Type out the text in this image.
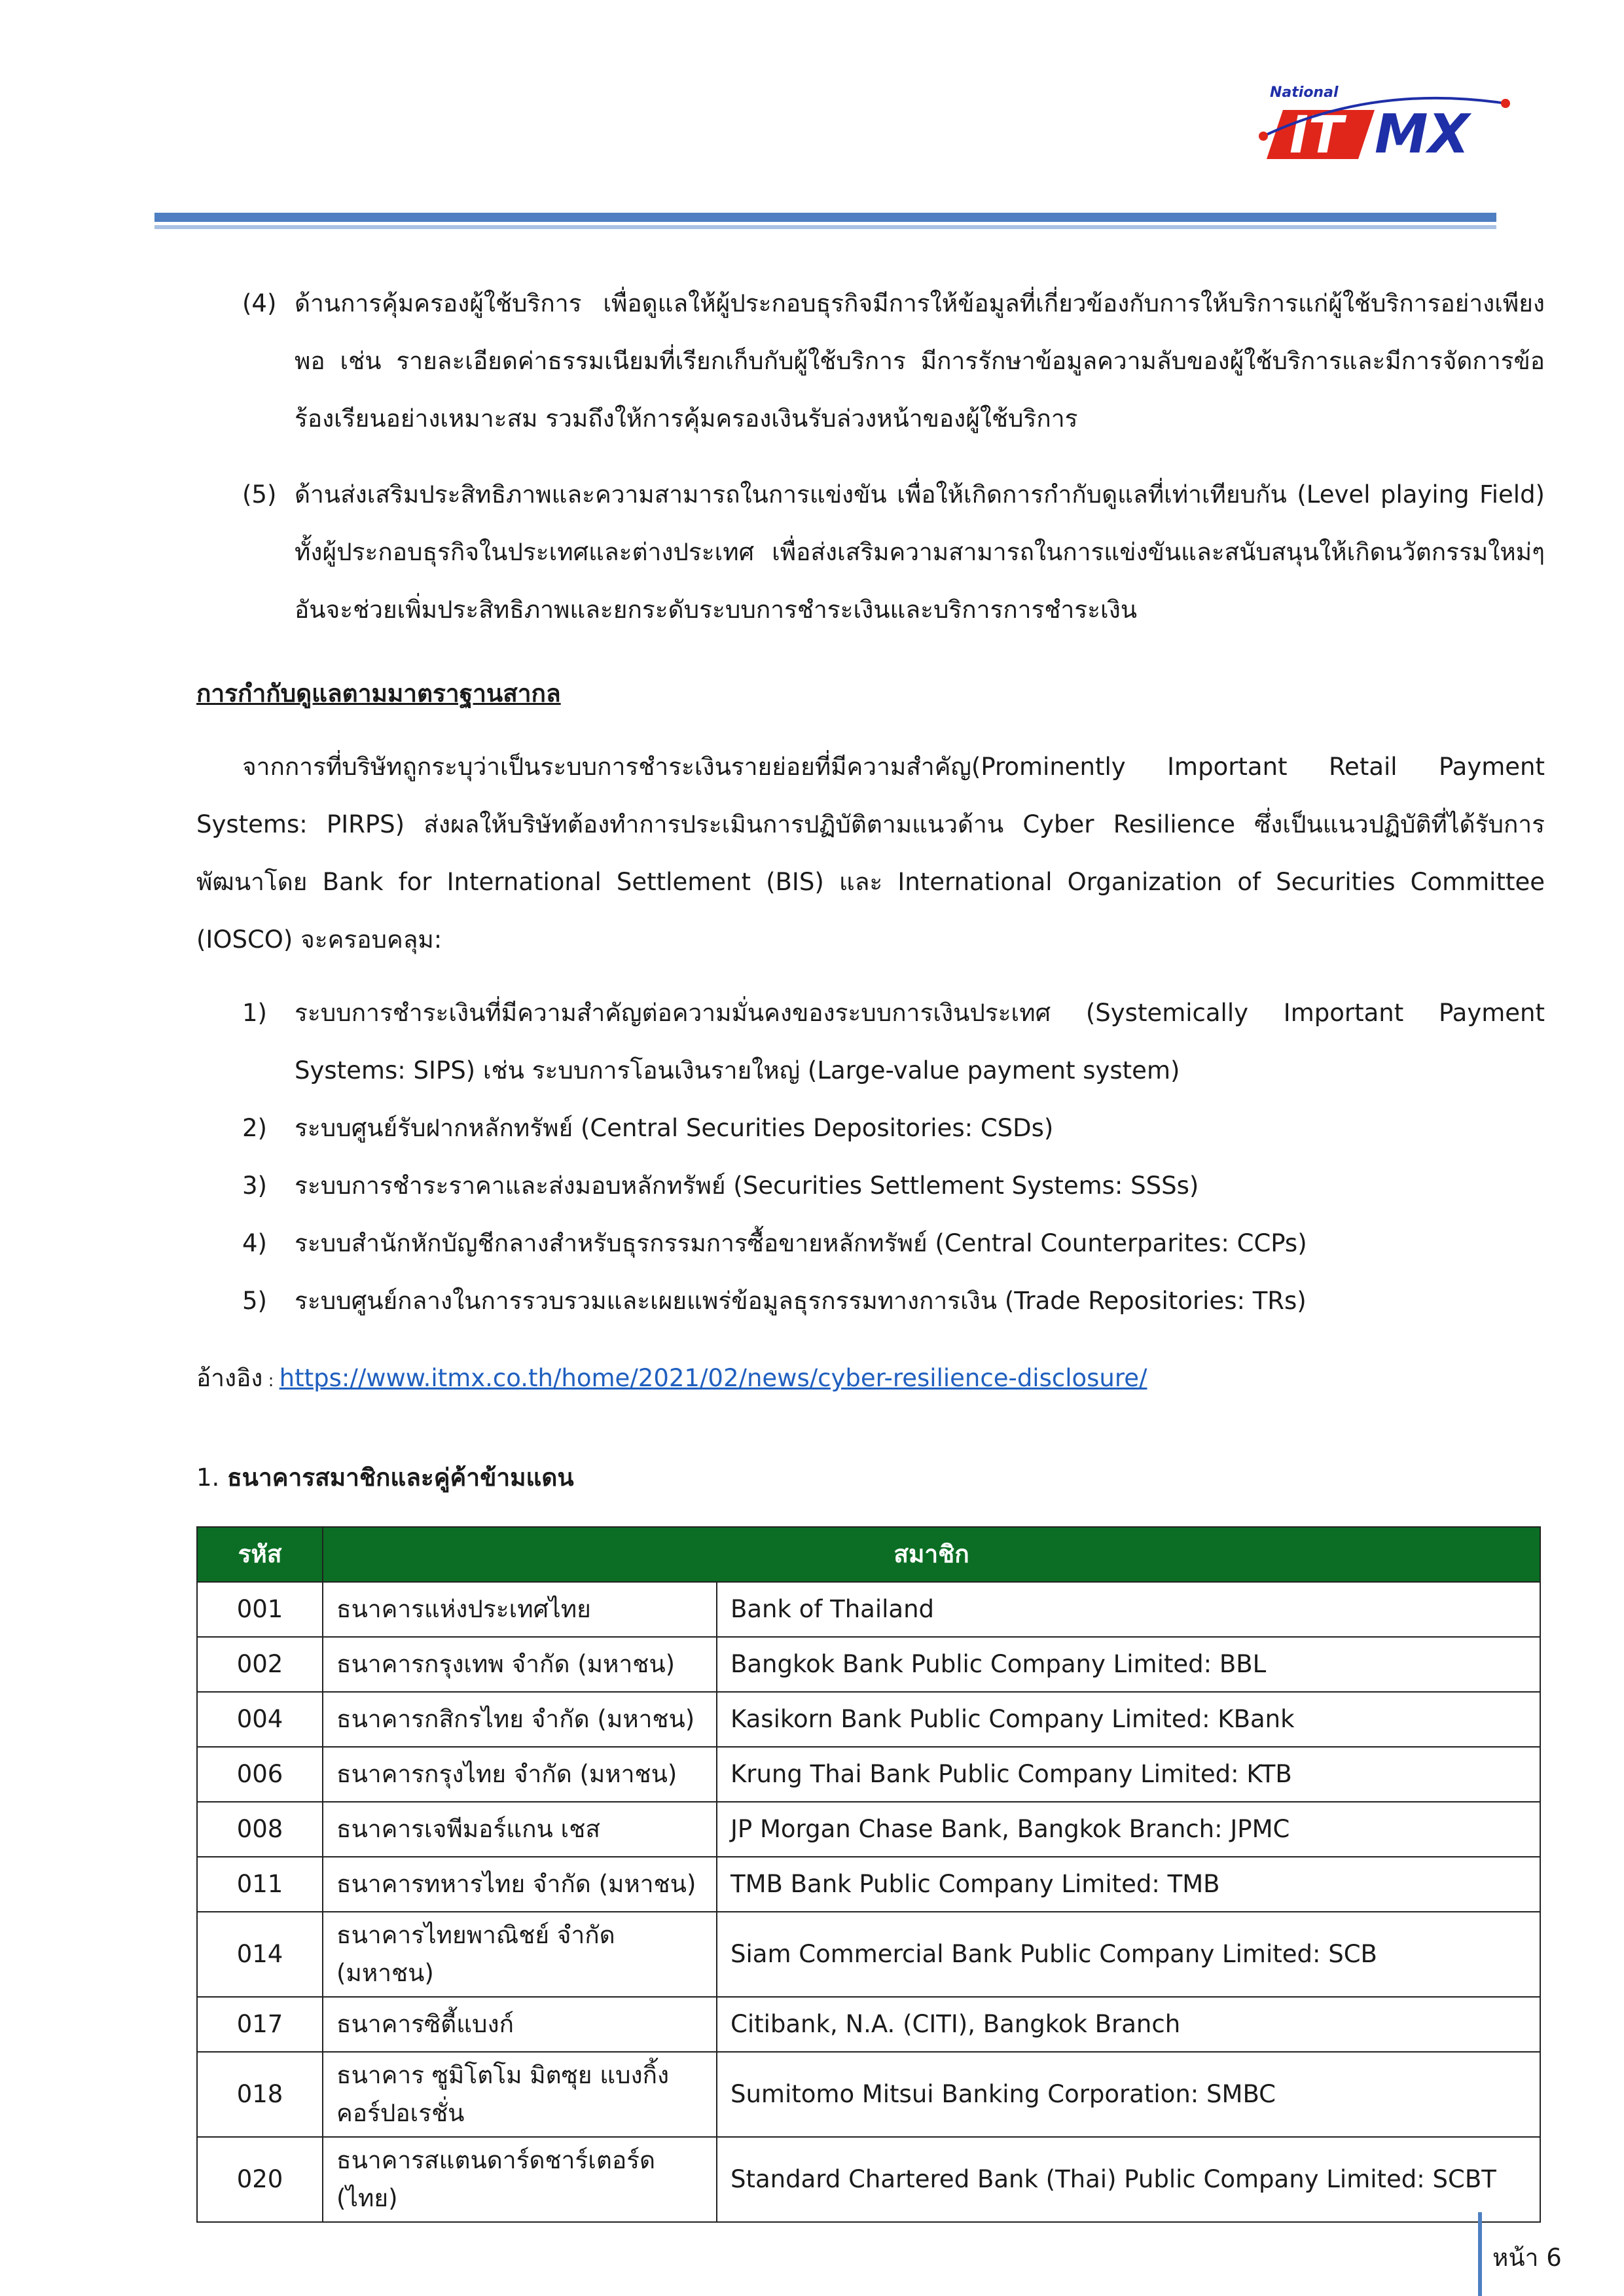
National
IT MX
(4) ด้านการคุ้มครองผู้ใช้บริการ เพื่อดูแลให้ผู้ประกอบธุรกิจมีการให้ข้อมูลที่เกี่ยวข้องกับการให้บริการแก่ผู้ใช้บริการอย่างเพียงพอ เช่น รายละเอียดค่าธรรมเนียมที่เรียกเก็บกับผู้ใช้บริการ มีการรักษาข้อมูลความลับของผู้ใช้บริการและมีการจัดการข้อร้องเรียนอย่างเหมาะสม รวมถึงให้การคุ้มครองเงินรับล่วงหน้าของผู้ใช้บริการ
(5) ด้านส่งเสริมประสิทธิภาพและความสามารถในการแข่งขัน เพื่อให้เกิดการกำกับดูแลที่เท่าเทียบกัน (Level playing Field) ทั้งผู้ประกอบธุรกิจในประเทศและต่างประเทศ เพื่อส่งเสริมความสามารถในการแข่งขันและสนับสนุนให้เกิดนวัตกรรมใหม่ๆ อันจะช่วยเพิ่มประสิทธิภาพและยกระดับระบบการชำระเงินและบริการการชำระเงิน
การกำกับดูแลตามมาตราฐานสากล
จากการที่บริษัทถูกระบุว่าเป็นระบบการชำระเงินรายย่อยที่มีความสำคัญ(Prominently Important Retail Payment Systems: PIRPS) ส่งผลให้บริษัทต้องทำการประเมินการปฏิบัติตามแนวด้าน Cyber Resilience ซึ่งเป็นแนวปฏิบัติที่ได้รับการพัฒนาโดย Bank for International Settlement (BIS) และ International Organization of Securities Committee (IOSCO) จะครอบคลุม:
1)	ระบบการชำระเงินที่มีความสำคัญต่อความมั่นคงของระบบการเงินประเทศ (Systemically Important Payment Systems: SIPS) เช่น ระบบการโอนเงินรายใหญ่ (Large-value payment system)
2)	ระบบศูนย์รับฝากหลักทรัพย์ (Central Securities Depositories: CSDs)
3)	ระบบการชำระราคาและส่งมอบหลักทรัพย์ (Securities Settlement Systems: SSSs)
4)	ระบบสำนักหักบัญชีกลางสำหรับธุรกรรมการซื้อขายหลักทรัพย์ (Central Counterparites: CCPs)
5)	ระบบศูนย์กลางในการรวบรวมและเผยแพร่ข้อมูลธุรกรรมทางการเงิน (Trade Repositories: TRs)
อ้างอิง : https://www.itmx.co.th/home/2021/02/news/cyber-resilience-disclosure/
1. ธนาคารสมาชิกและคู่ค้าข้ามแดน
รหัส	สมาชิก	
001	ธนาคารแห่งประเทศไทย	Bank of Thailand
002	ธนาคารกรุงเทพ จำกัด (มหาชน)	Bangkok Bank Public Company Limited: BBL
004	ธนาคารกสิกรไทย จำกัด (มหาชน)	Kasikorn Bank Public Company Limited: KBank
006	ธนาคารกรุงไทย จำกัด (มหาชน)	Krung Thai Bank Public Company Limited: KTB
008	ธนาคารเจพีมอร์แกน เชส	JP Morgan Chase Bank, Bangkok Branch: JPMC
011	ธนาคารทหารไทย จำกัด (มหาชน)	TMB Bank Public Company Limited: TMB
014	ธนาคารไทยพาณิชย์ จำกัด (มหาชน)	Siam Commercial Bank Public Company Limited: SCB
017	ธนาคารซิตี้แบงก์	Citibank, N.A. (CITI), Bangkok Branch
018	ธนาคาร ซูมิโตโม มิตซุย แบงกิ้ง คอร์ปอเรชั่น	Sumitomo Mitsui Banking Corporation: SMBC
020	ธนาคารสแตนดาร์ดชาร์เตอร์ด (ไทย)	Standard Chartered Bank (Thai) Public Company Limited: SCBT
หน้า 6
